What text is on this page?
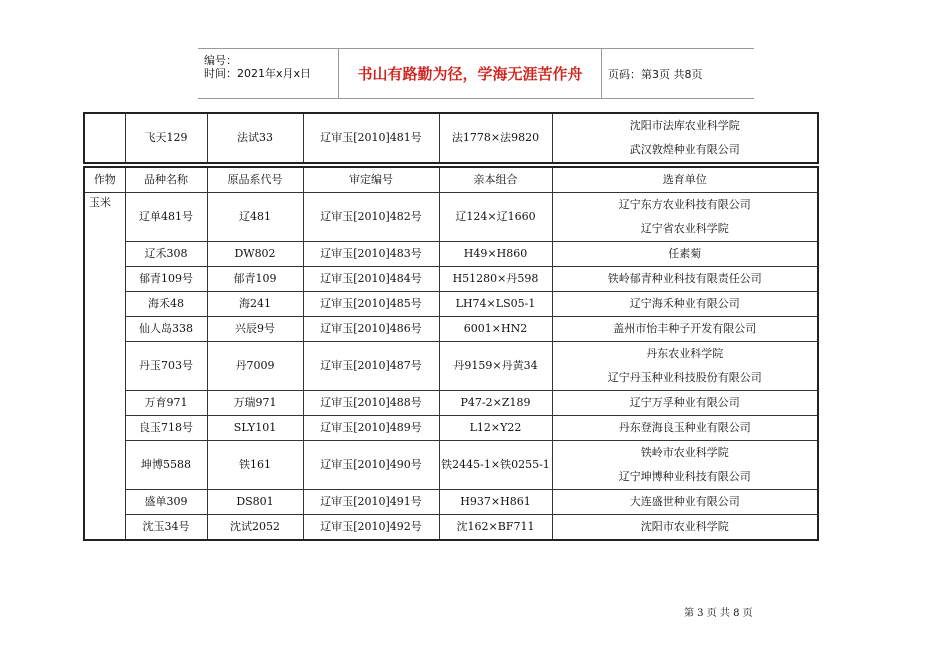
编号：
时间：2021年x月x日	书山有路勤为径，学海无涯苦作舟	页码：第3页 共8页
	飞天129	法试33	辽审玉[2010]481号	法1778×法9820	
沈阳市法库农业科学院
武汉敦煌种业有限公司
作物	品种名称	原品系代号	审定编号	亲本组合	选育单位
玉米	辽单481号	辽481	辽审玉[2010]482号	辽124×辽1660	辽宁东方农业科技有限公司
辽宁省农业科学院

	辽禾308	DW802	辽审玉[2010]483号	H49×H860	任素菊
	郁青109号	郁青109	辽审玉[2010]484号	H51280×丹598	铁岭郁青种业科技有限责任公司
	海禾48	海241	辽审玉[2010]485号	LH74×LS05-1	辽宁海禾种业有限公司
	仙人岛338	兴辰9号	辽审玉[2010]486号	6001×HN2	盖州市怡丰种子开发有限公司
	丹玉703号	丹7009	辽审玉[2010]487号	丹9159×丹黄34	丹东农业科学院
辽宁丹玉种业科技股份有限公司

	万育971	万瑞971	辽审玉[2010]488号	P47-2×Z189	辽宁万孚种业有限公司
	良玉718号	SLY101	辽审玉[2010]489号	L12×Y22	丹东登海良玉种业有限公司
	坤博5588	铁161	辽审玉[2010]490号	铁2445-1×铁0255-1	铁岭市农业科学院
辽宁坤博种业科技有限公司

	盛单309	DS801	辽审玉[2010]491号	H937×H861	大连盛世种业有限公司
	沈玉34号	沈试2052	辽审玉[2010]492号	沈162×BF711	沈阳市农业科学院
第 3 页 共 8 页
